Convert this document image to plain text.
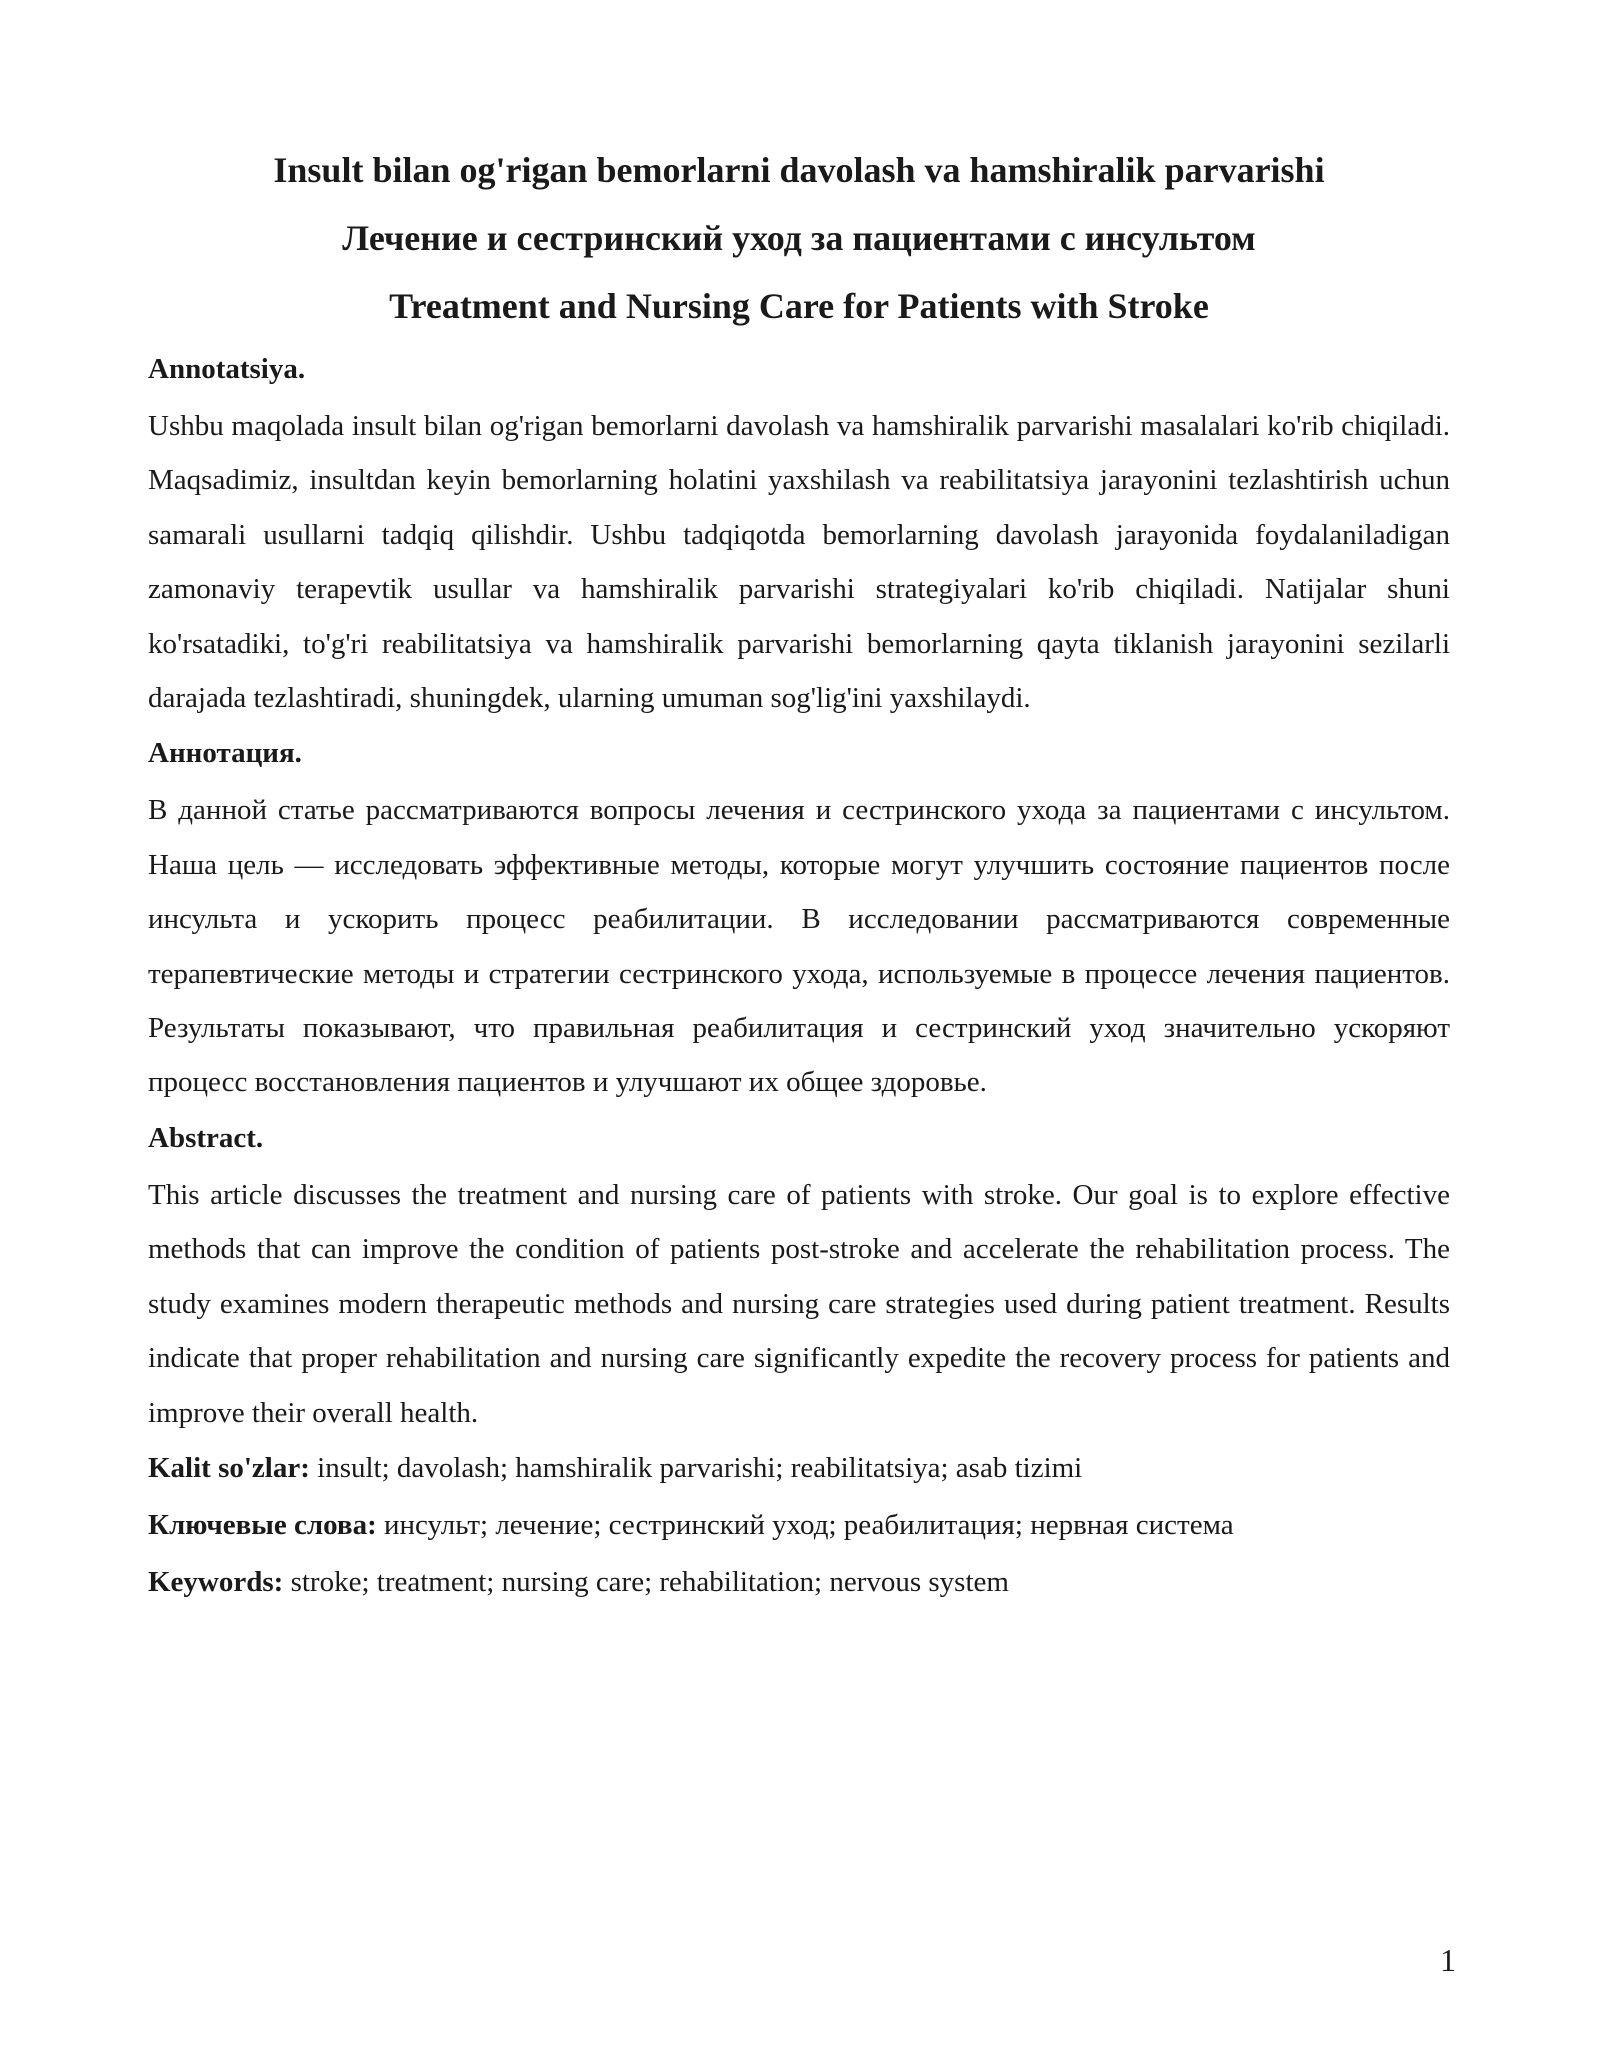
Insult bilan og'rigan bemorlarni davolash va hamshiralik parvarishi
Лечение и сестринский уход за пациентами с инсультом
Treatment and Nursing Care for Patients with Stroke
Annotatsiya.

Ushbu maqolada insult bilan og'rigan bemorlarni davolash va hamshiralik parvarishi masalalari ko'rib chiqiladi. Maqsadimiz, insultdan keyin bemorlarning holatini yaxshilash va reabilitatsiya jarayonini tezlashtirish uchun samarali usullarni tadqiq qilishdir. Ushbu tadqiqotda bemorlarning davolash jarayonida foydalaniladigan zamonaviy terapevtik usullar va hamshiralik parvarishi strategiyalari ko'rib chiqiladi. Natijalar shuni ko'rsatadiki, to'g'ri reabilitatsiya va hamshiralik parvarishi bemorlarning qayta tiklanish jarayonini sezilarli darajada tezlashtiradi, shuningdek, ularning umuman sog'lig'ini yaxshilaydi.

Аннотация.

В данной статье рассматриваются вопросы лечения и сестринского ухода за пациентами с инсультом. Наша цель — исследовать эффективные методы, которые могут улучшить состояние пациентов после инсульта и ускорить процесс реабилитации. В исследовании рассматриваются современные терапевтические методы и стратегии сестринского ухода, используемые в процессе лечения пациентов. Результаты показывают, что правильная реабилитация и сестринский уход значительно ускоряют процесс восстановления пациентов и улучшают их общее здоровье.

Abstract.

This article discusses the treatment and nursing care of patients with stroke. Our goal is to explore effective methods that can improve the condition of patients post-stroke and accelerate the rehabilitation process. The study examines modern therapeutic methods and nursing care strategies used during patient treatment. Results indicate that proper rehabilitation and nursing care significantly expedite the recovery process for patients and improve their overall health.

Kalit so'zlar: insult; davolash; hamshiralik parvarishi; reabilitatsiya; asab tizimi
Ключевые слова: инсульт; лечение; сестринский уход; реабилитация; нервная система
Keywords: stroke; treatment; nursing care; rehabilitation; nervous system
1
